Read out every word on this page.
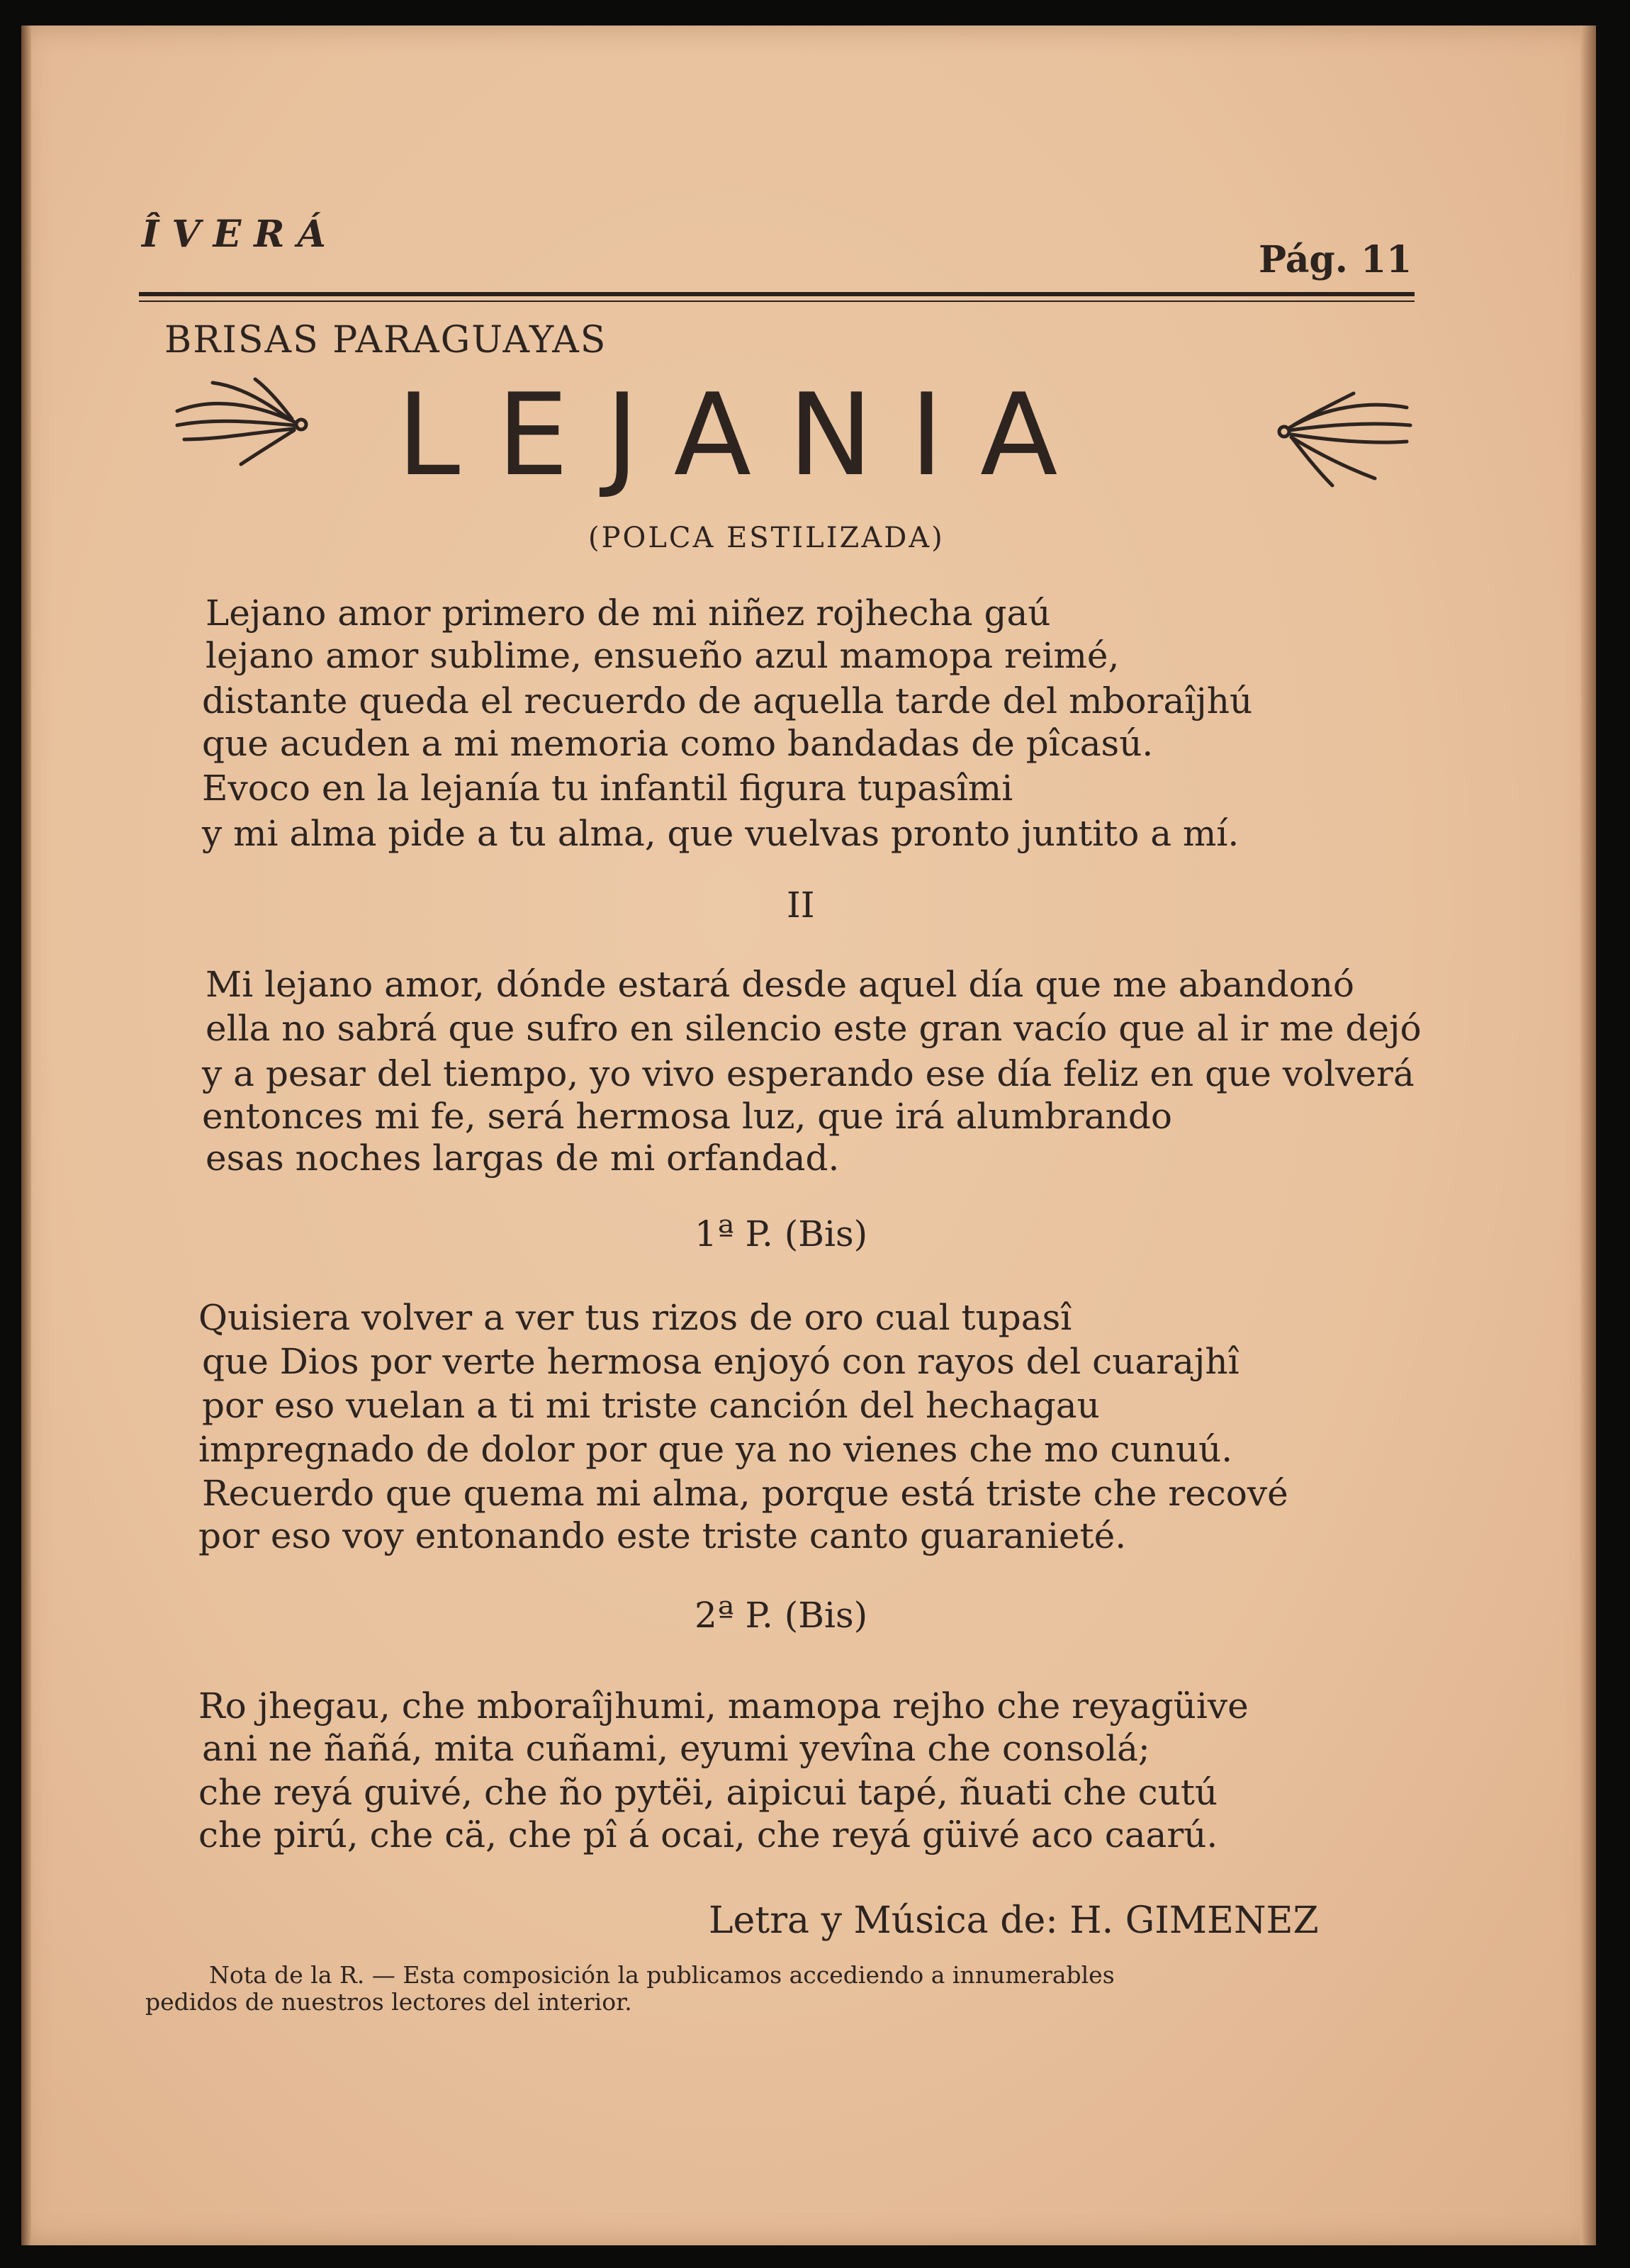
ÎVERÁ
Pág. 11
BRISAS PARAGUAYAS
LEJANIA
(POLCA ESTILIZADA)
Lejano amor primero de mi niñez rojhecha gaú
lejano amor sublime, ensueño azul mamopa reimé,
distante queda el recuerdo de aquella tarde del mboraîjhú
que acuden a mi memoria como bandadas de pîcasú.
Evoco en la lejanía tu infantil figura tupasîmi
y mi alma pide a tu alma, que vuelvas pronto juntito a mí.
II
Mi lejano amor, dónde estará desde aquel día que me abandonó
ella no sabrá que sufro en silencio este gran vacío que al ir me dejó
y a pesar del tiempo, yo vivo esperando ese día feliz en que volverá
entonces mi fe, será hermosa luz, que irá alumbrando
esas noches largas de mi orfandad.
1ª P. (Bis)
Quisiera volver a ver tus rizos de oro cual tupasî
que Dios por verte hermosa enjoyó con rayos del cuarajhî
por eso vuelan a ti mi triste canción del hechagau
impregnado de dolor por que ya no vienes che mo cunuú.
Recuerdo que quema mi alma, porque está triste che recové
por eso voy entonando este triste canto guaranieté.
2ª P. (Bis)
Ro jhegau, che mboraîjhumi, mamopa rejho che reyagüive
ani ne ñañá, mita cuñami, eyumi yevîna che consolá;
che reyá guivé, che ño pytëi, aipicui tapé, ñuati che cutú
che pirú, che cä, che pî á ocai, che reyá güivé aco caarú.
Letra y Música de: H. GIMENEZ
Nota de la R. — Esta composición la publicamos accediendo a innumerables
pedidos de nuestros lectores del interior.
